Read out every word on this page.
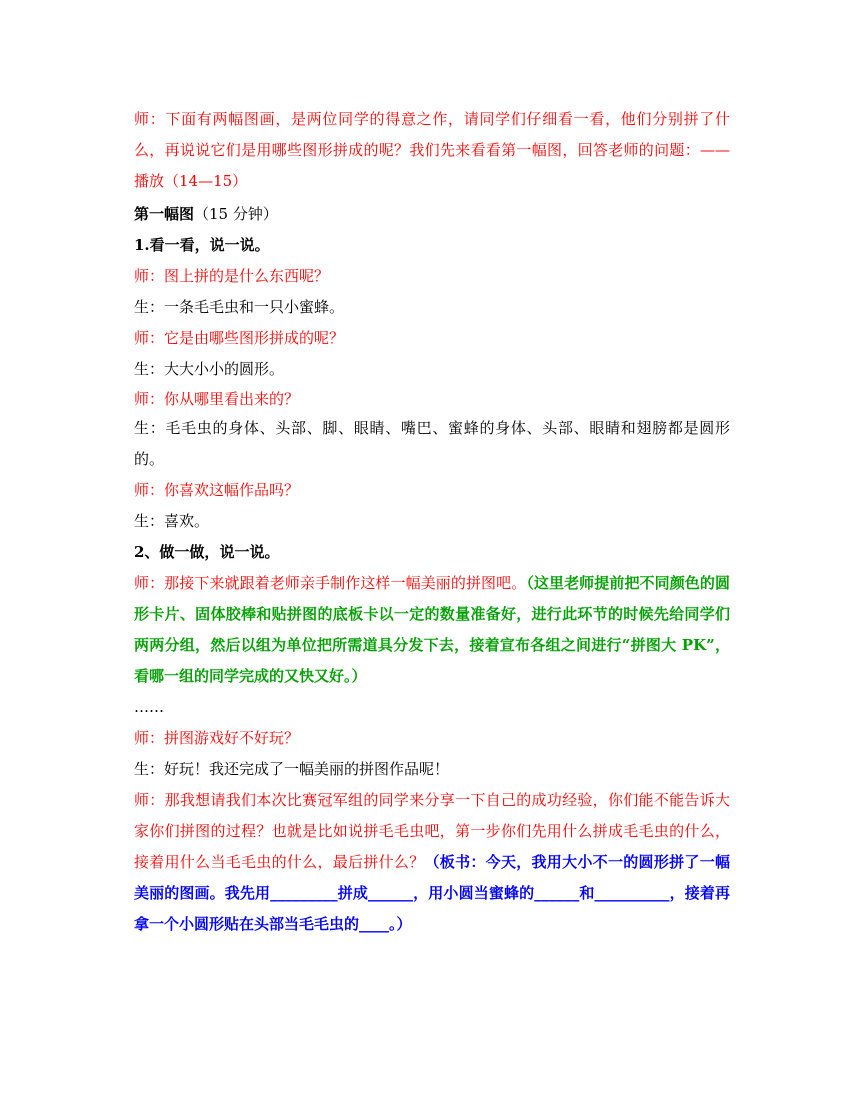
师：下面有两幅图画，是两位同学的得意之作，请同学们仔细看一看，他们分别拼了什么，再说说它们是用哪些图形拼成的呢？我们先来看看第一幅图，回答老师的问题：——播放（14—15）

第一幅图（15 分钟）

1.看一看，说一说。

师：图上拼的是什么东西呢？

生：一条毛毛虫和一只小蜜蜂。

师：它是由哪些图形拼成的呢？

生：大大小小的圆形。

师：你从哪里看出来的？

生：毛毛虫的身体、头部、脚、眼睛、嘴巴、蜜蜂的身体、头部、眼睛和翅膀都是圆形的。

师：你喜欢这幅作品吗？

生：喜欢。

2、做一做，说一说。

师：那接下来就跟着老师亲手制作这样一幅美丽的拼图吧。（这里老师提前把不同颜色的圆形卡片、固体胶棒和贴拼图的底板卡以一定的数量准备好，进行此环节的时候先给同学们两两分组，然后以组为单位把所需道具分发下去，接着宣布各组之间进行“拼图大 PK”，看哪一组的同学完成的又快又好。）

……

师：拼图游戏好不好玩？

生：好玩！我还完成了一幅美丽的拼图作品呢！

师：那我想请我们本次比赛冠军组的同学来分享一下自己的成功经验，你们能不能告诉大家你们拼图的过程？也就是比如说拼毛毛虫吧，第一步你们先用什么拼成毛毛虫的什么，接着用什么当毛毛虫的什么，最后拼什么？（板书：今天，我用大小不一的圆形拼了一幅美丽的图画。我先用_________拼成______，用小圆当蜜蜂的______和__________，接着再拿一个小圆形贴在头部当毛毛虫的____。）
